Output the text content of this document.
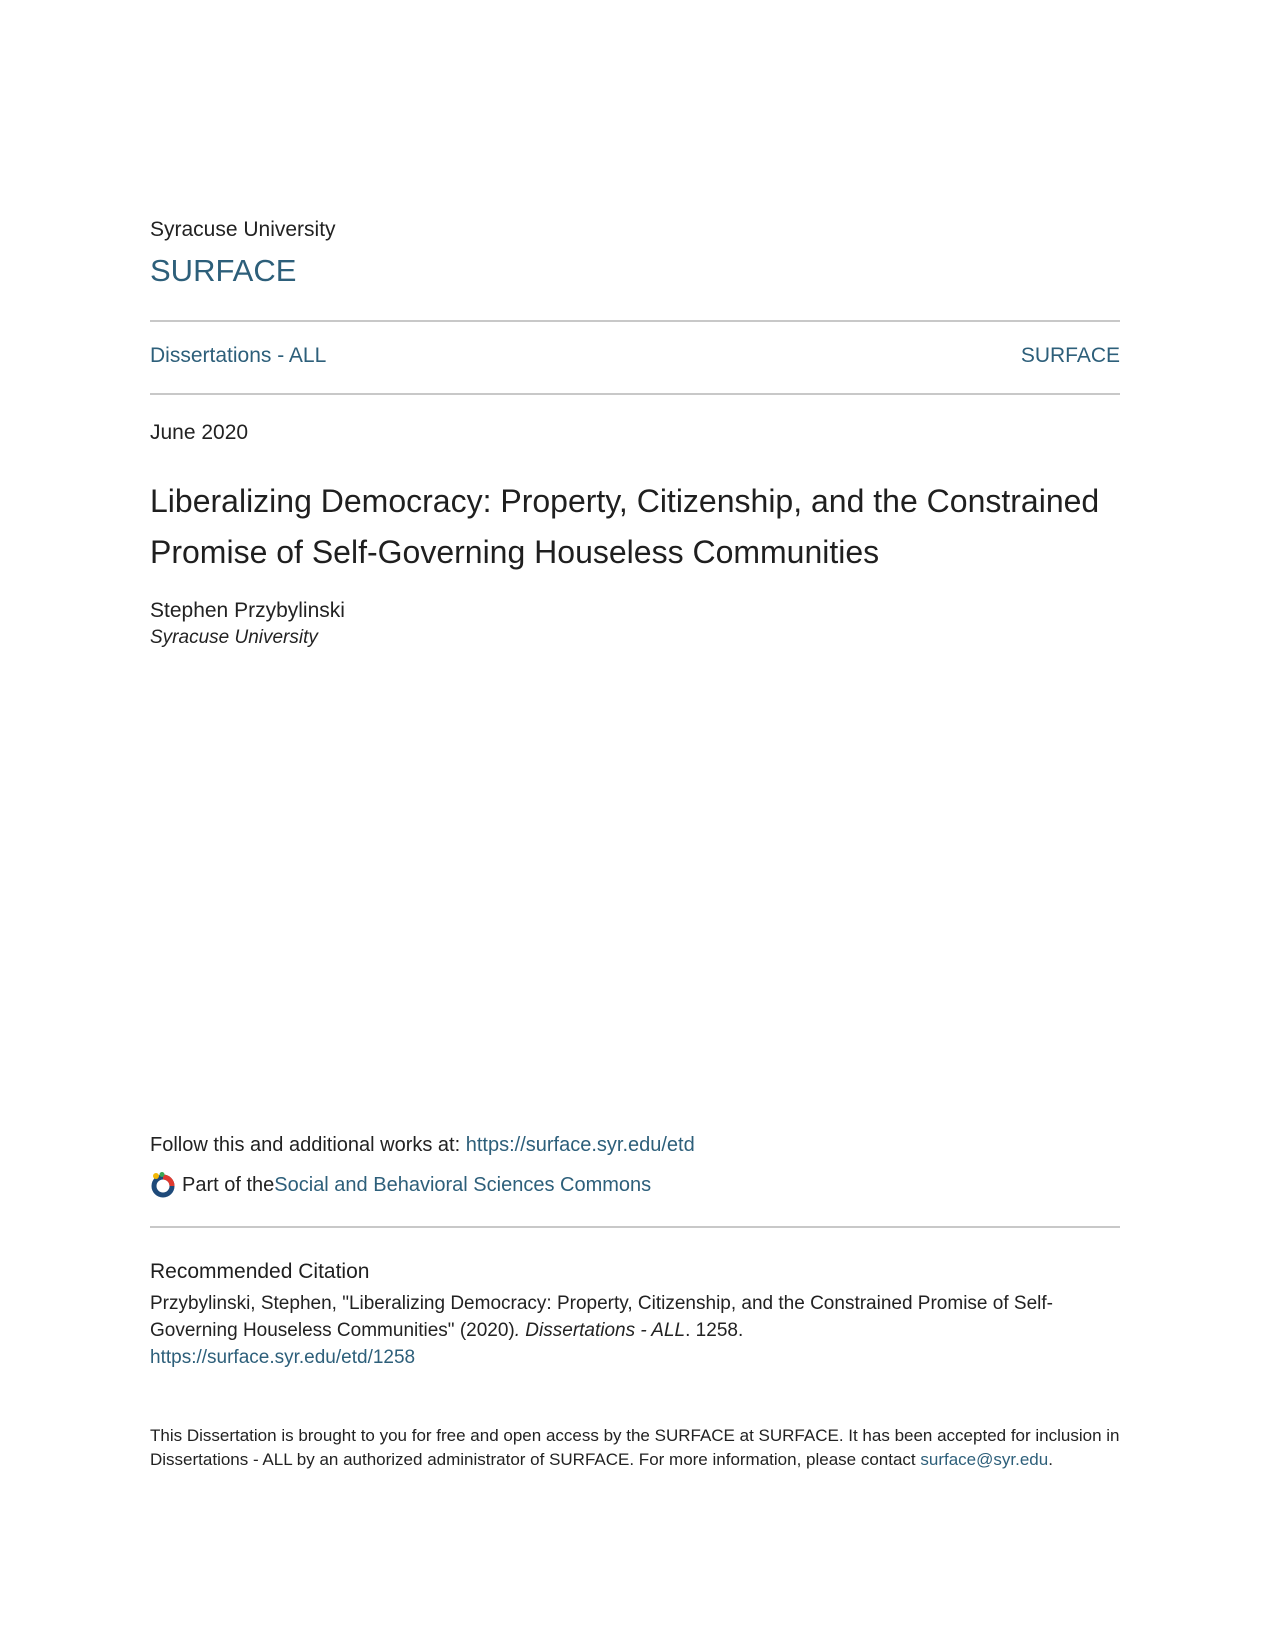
Syracuse University
SURFACE
Dissertations - ALL	SURFACE
June 2020
Liberalizing Democracy: Property, Citizenship, and the Constrained Promise of Self-Governing Houseless Communities
Stephen Przybylinski
Syracuse University
Follow this and additional works at: https://surface.syr.edu/etd
Part of the Social and Behavioral Sciences Commons
Recommended Citation
Przybylinski, Stephen, "Liberalizing Democracy: Property, Citizenship, and the Constrained Promise of Self-Governing Houseless Communities" (2020). Dissertations - ALL. 1258.
https://surface.syr.edu/etd/1258
This Dissertation is brought to you for free and open access by the SURFACE at SURFACE. It has been accepted for inclusion in Dissertations - ALL by an authorized administrator of SURFACE. For more information, please contact surface@syr.edu.
